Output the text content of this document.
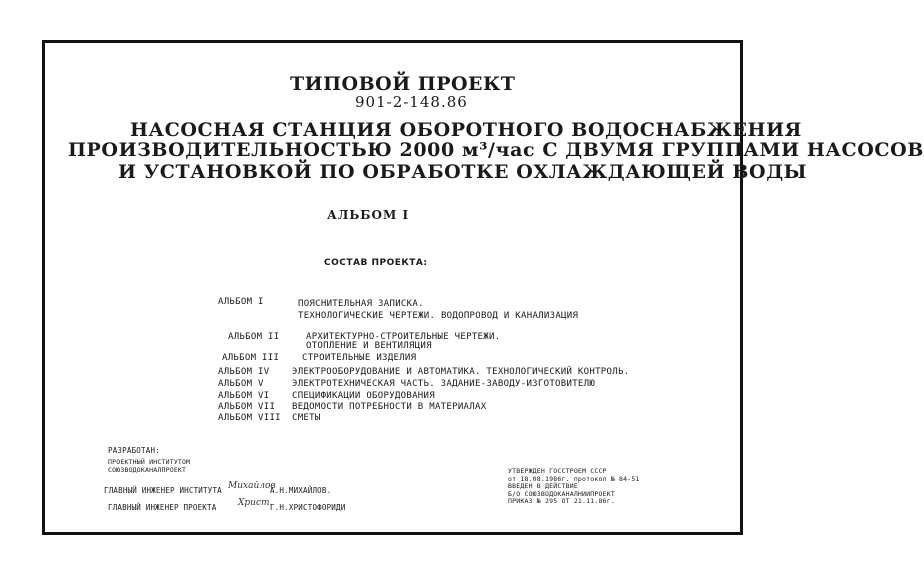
ТИПОВОЙ ПРОЕКТ
901-2-148.86
НАСОСНАЯ СТАНЦИЯ ОБОРОТНОГО ВОДОСНАБЖЕНИЯ
ПРОИЗВОДИТЕЛЬНОСТЬЮ 2000 м³/час С ДВУМЯ ГРУППАМИ НАСОСОВ
И УСТАНОВКОЙ ПО ОБРАБОТКЕ ОХЛАЖДАЮЩЕЙ ВОДЫ
АЛЬБОМ I
СОСТАВ ПРОЕКТА:
АЛЬБОМ I	ПОЯСНИТЕЛЬНАЯ ЗАПИСКА.
ТЕХНОЛОГИЧЕСКИЕ ЧЕРТЕЖИ. ВОДОПРОВОД И КАНАЛИЗАЦИЯ
АЛЬБОМ II	АРХИТЕКТУРНО-СТРОИТЕЛЬНЫЕ ЧЕРТЕЖИ.
ОТОПЛЕНИЕ И ВЕНТИЛЯЦИЯ
АЛЬБОМ III	СТРОИТЕЛЬНЫЕ ИЗДЕЛИЯ
АЛЬБОМ IV	ЭЛЕКТРООБОРУДОВАНИЕ И АВТОМАТИКА. ТЕХНОЛОГИЧЕСКИЙ КОНТРОЛЬ.
АЛЬБОМ V	ЭЛЕКТРОТЕХНИЧЕСКАЯ ЧАСТЬ. ЗАДАНИЕ-ЗАВОДУ-ИЗГОТОВИТЕЛЮ
АЛЬБОМ VI	СПЕЦИФИКАЦИИ ОБОРУДОВАНИЯ
АЛЬБОМ VII ВЕДОМОСТИ ПОТРЕБНОСТИ В МАТЕРИАЛАХ
АЛЬБОМ VIII СМЕТЫ
РАЗРАБОТАН:
ПРОЕКТНЫЙ ИНСТИТУТОМ
СОЮЗВОДОКАНАЛПРОЕКТ
ГЛАВНЫЙ ИНЖЕНЕР ИНСТИТУТА Михайлов
А.Н.МИХАЙЛОВ.
ГЛАВНЫЙ ИНЖЕНЕР ПРОЕКТА Христ.
Г.Н.ХРИСТОФОРИДИ
УТВЕРЖДЕН ГОССТРОЕМ СССР
от 18.08.1986г. протокол № 84-51
ВВЕДЕН В ДЕЙСТВИЕ
Б/О СОЮЗВОДОКАНАЛНИИПРОЕКТ
ПРИКАЗ № 295 ОТ 21.11.86г.
